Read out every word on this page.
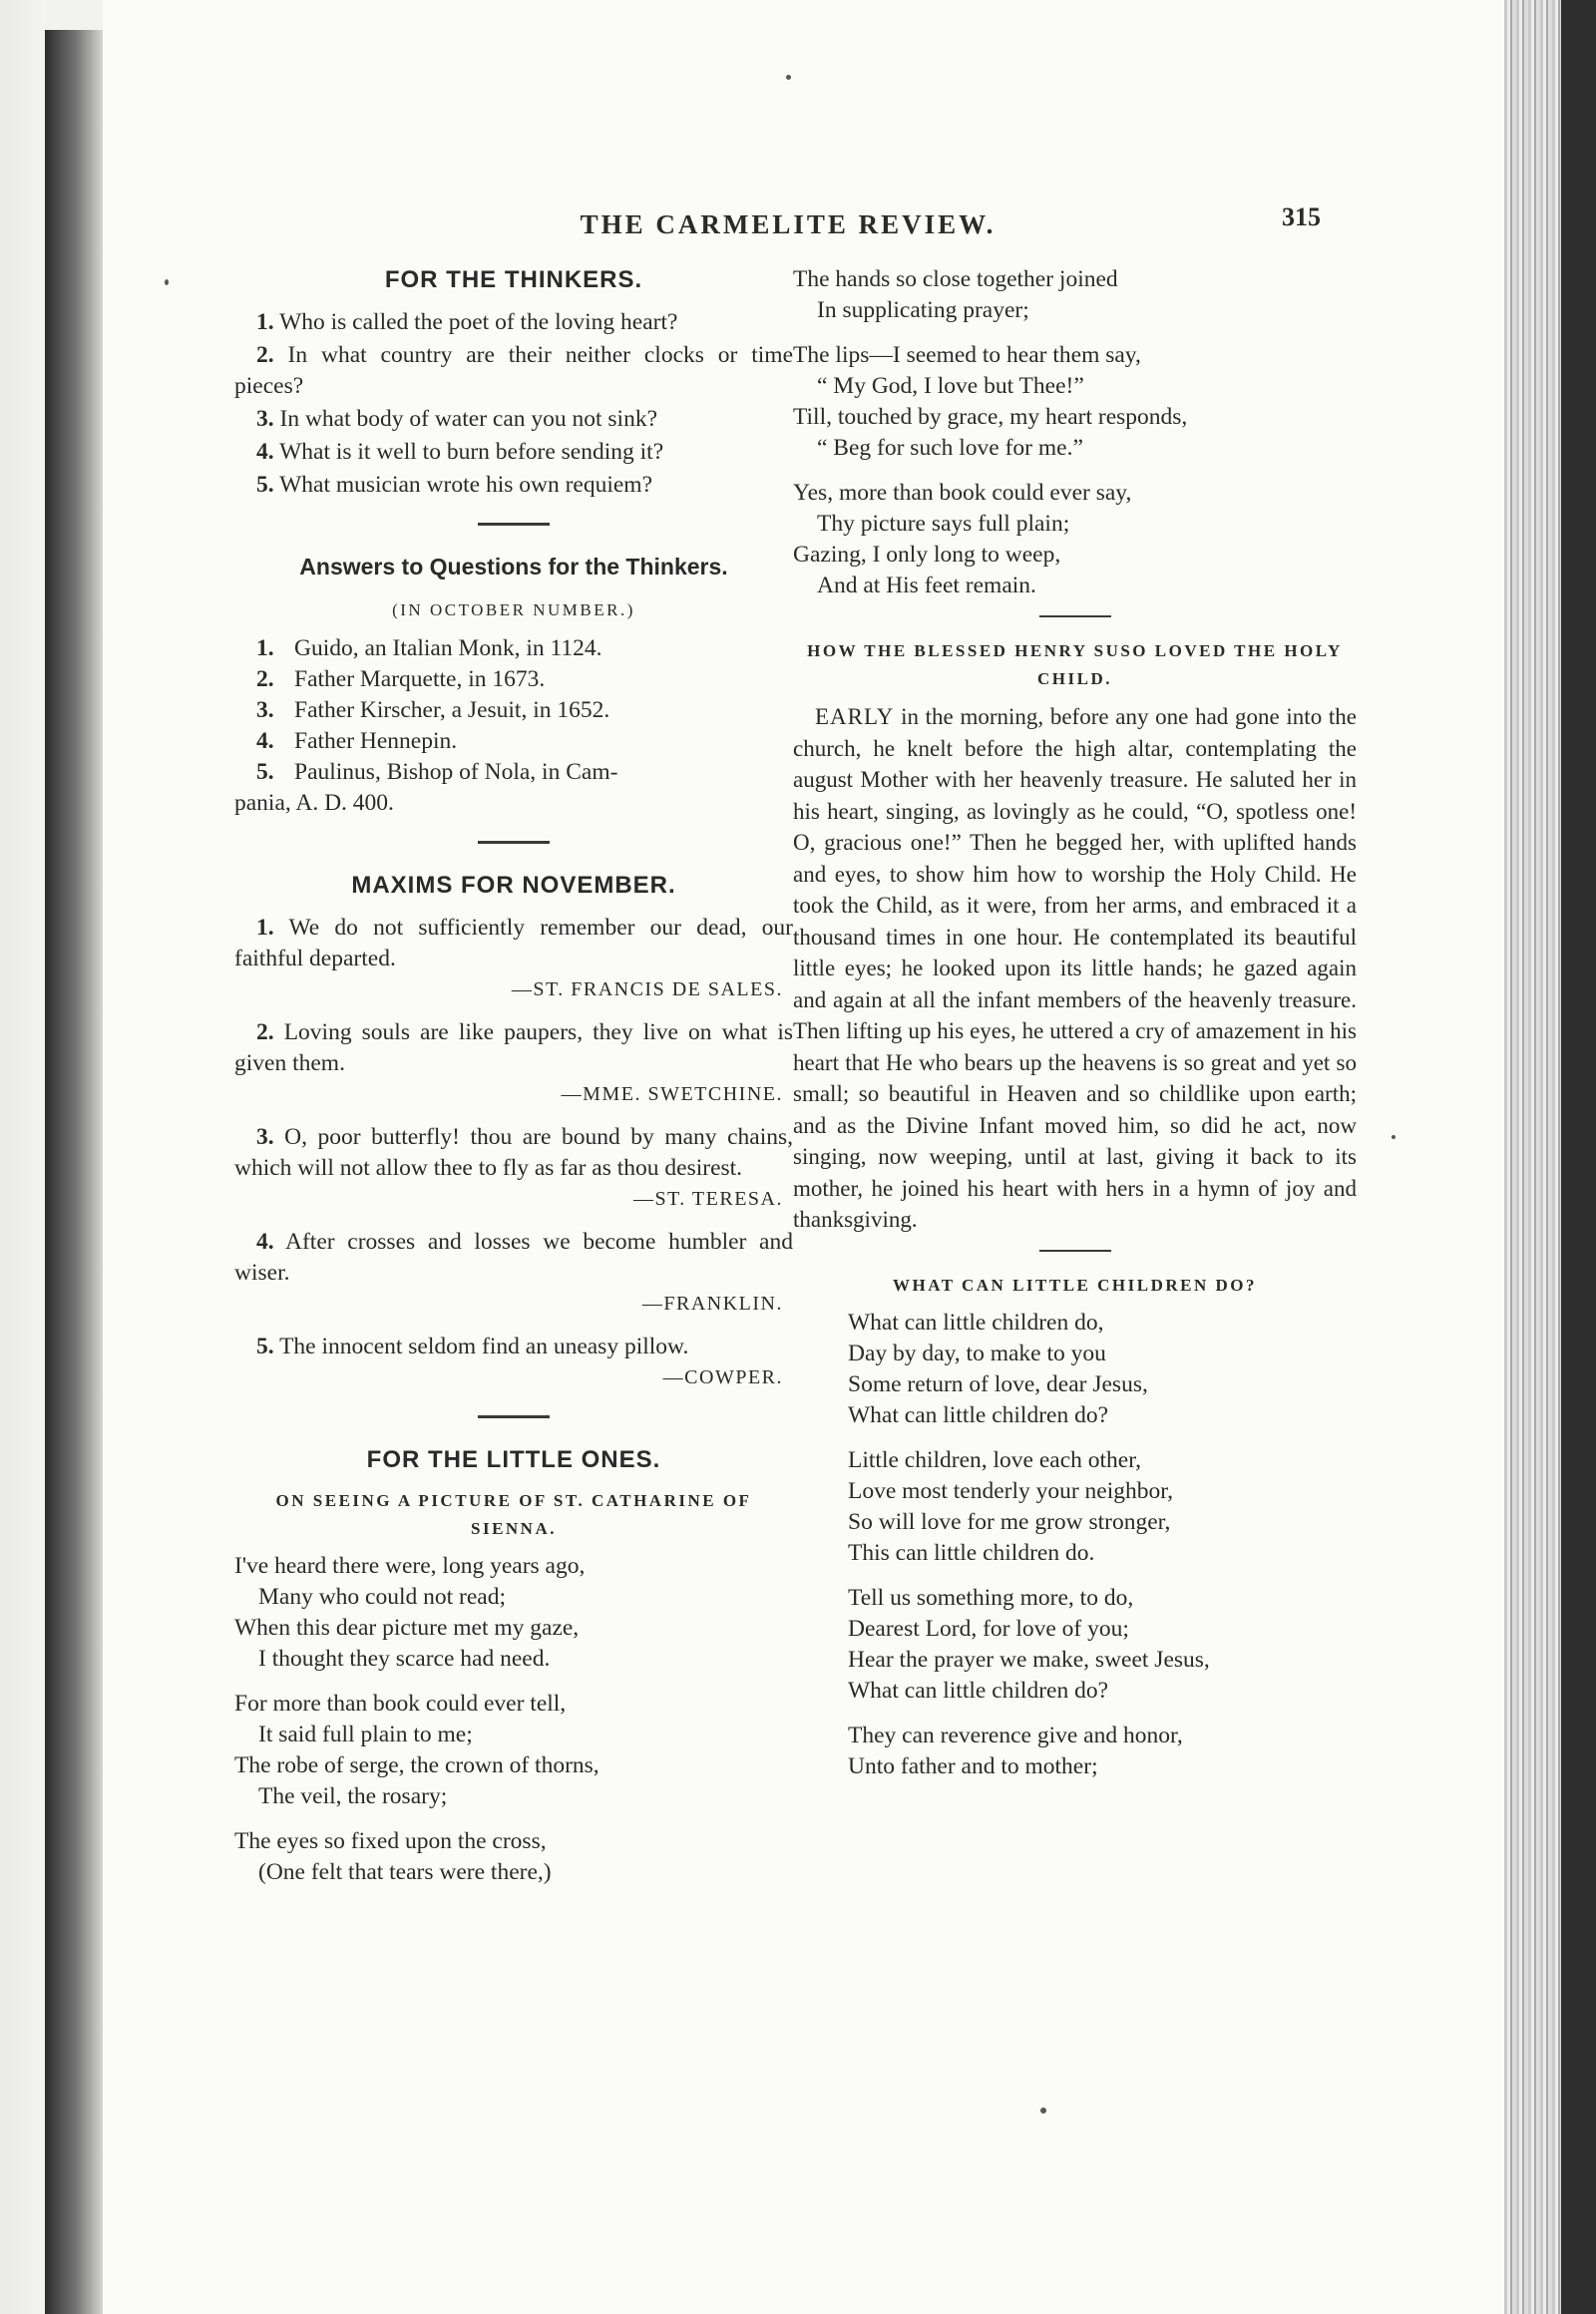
THE CARMELITE REVIEW.	315
FOR THE THINKERS.

1. Who is called the poet of the loving heart?

2. In what country are their neither clocks or time pieces?

3. In what body of water can you not sink?

4. What is it well to burn before sending it?

5. What musician wrote his own requiem?

Answers to Questions for the Thinkers.

(IN OCTOBER NUMBER.)

1. Guido, an Italian Monk, in 1124.

2. Father Marquette, in 1673.

3. Father Kirscher, a Jesuit, in 1652.

4. Father Hennepin.

5. Paulinus, Bishop of Nola, in Cam-

pania, A. D. 400.

MAXIMS FOR NOVEMBER.

1. We do not sufficiently remember our dead, our faithful departed.

—ST. FRANCIS DE SALES.

2. Loving souls are like paupers, they live on what is given them.

—MME. SWETCHINE.

3. O, poor butterfly! thou are bound by many chains, which will not allow thee to fly as far as thou desirest.

—ST. TERESA.

4. After crosses and losses we become humbler and wiser.

—FRANKLIN.

5. The innocent seldom find an uneasy pillow.

—COWPER.

FOR THE LITTLE ONES.

ON SEEING A PICTURE OF ST. CATHARINE OF SIENNA.

I've heard there were, long years ago,

Many who could not read;

When this dear picture met my gaze,

I thought they scarce had need.

For more than book could ever tell,

It said full plain to me;

The robe of serge, the crown of thorns,

The veil, the rosary;

The eyes so fixed upon the cross,

(One felt that tears were there,)

The hands so close together joined

In supplicating prayer;

The lips—I seemed to hear them say,

“ My God, I love but Thee!”

Till, touched by grace, my heart responds,

“ Beg for such love for me.”

Yes, more than book could ever say,

Thy picture says full plain;

Gazing, I only long to weep,

And at His feet remain.

HOW THE BLESSED HENRY SUSO LOVED THE HOLY CHILD.

EARLY in the morning, before any one had gone into the church, he knelt before the high altar, contemplating the august Mother with her heavenly treasure. He saluted her in his heart, singing, as lovingly as he could, “O, spotless one! O, gracious one!” Then he begged her, with uplifted hands and eyes, to show him how to worship the Holy Child. He took the Child, as it were, from her arms, and embraced it a thousand times in one hour. He contemplated its beautiful little eyes; he looked upon its little hands; he gazed again and again at all the infant members of the heavenly treasure. Then lifting up his eyes, he uttered a cry of amazement in his heart that He who bears up the heavens is so great and yet so small; so beautiful in Heaven and so childlike upon earth; and as the Divine Infant moved him, so did he act, now singing, now weeping, until at last, giving it back to its mother, he joined his heart with hers in a hymn of joy and thanksgiving.

WHAT CAN LITTLE CHILDREN DO?

What can little children do,

Day by day, to make to you

Some return of love, dear Jesus,

What can little children do?

Little children, love each other,

Love most tenderly your neighbor,

So will love for me grow stronger,

This can little children do.

Tell us something more, to do,

Dearest Lord, for love of you;

Hear the prayer we make, sweet Jesus,

What can little children do?

They can reverence give and honor,

Unto father and to mother;
